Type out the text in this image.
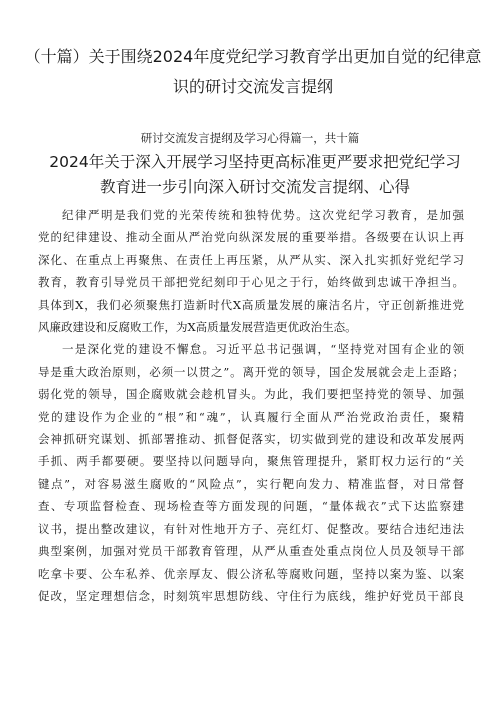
（十篇）关于围绕2024年度党纪学习教育学出更加自觉的纪律意
识的研讨交流发言提纲

研讨交流发言提纲及学习心得篇一，共十篇

2024年关于深入开展学习坚持更高标准更严要求把党纪学习
教育进一步引向深入研讨交流发言提纲、心得

纪律严明是我们党的光荣传统和独特优势。这次党纪学习教育，是加强
党的纪律建设、推动全面从严治党向纵深发展的重要举措。各级要在认识上再
深化、在重点上再聚焦、在责任上再压紧，从严从实、深入扎实抓好党纪学习
教育，教育引导党员干部把党纪刻印于心见之于行，始终做到忠诚干净担当。
具体到X，我们必须聚焦打造新时代X高质量发展的廉洁名片，守正创新推进党
风廉政建设和反腐败工作，为X高质量发展营造更优政治生态。

一是深化党的建设不懈怠。习近平总书记强调，“坚持党对国有企业的领
导是重大政治原则，必须一以贯之”。离开党的领导，国企发展就会走上歪路；
弱化党的领导，国企腐败就会趁机冒头。为此，我们要把坚持党的领导、加强
党的建设作为企业的“根”和“魂”，认真履行全面从严治党政治责任，聚精
会神抓研究谋划、抓部署推动、抓督促落实，切实做到党的建设和改革发展两
手抓、两手都要硬。要坚持以问题导向，聚焦管理提升，紧盯权力运行的“关
键点”，对容易滋生腐败的“风险点”，实行靶向发力、精准监督，对日常督
查、专项监督检查、现场检查等方面发现的问题，“量体裁衣”式下达监察建
议书，提出整改建议，有针对性地开方子、亮红灯、促整改。要结合违纪违法
典型案例，加强对党员干部教育管理，从严从重查处重点岗位人员及领导干部
吃拿卡要、公车私养、优亲厚友、假公济私等腐败问题，坚持以案为鉴、以案
促改，坚定理想信念，时刻筑牢思想防线、守住行为底线，维护好党员干部良
